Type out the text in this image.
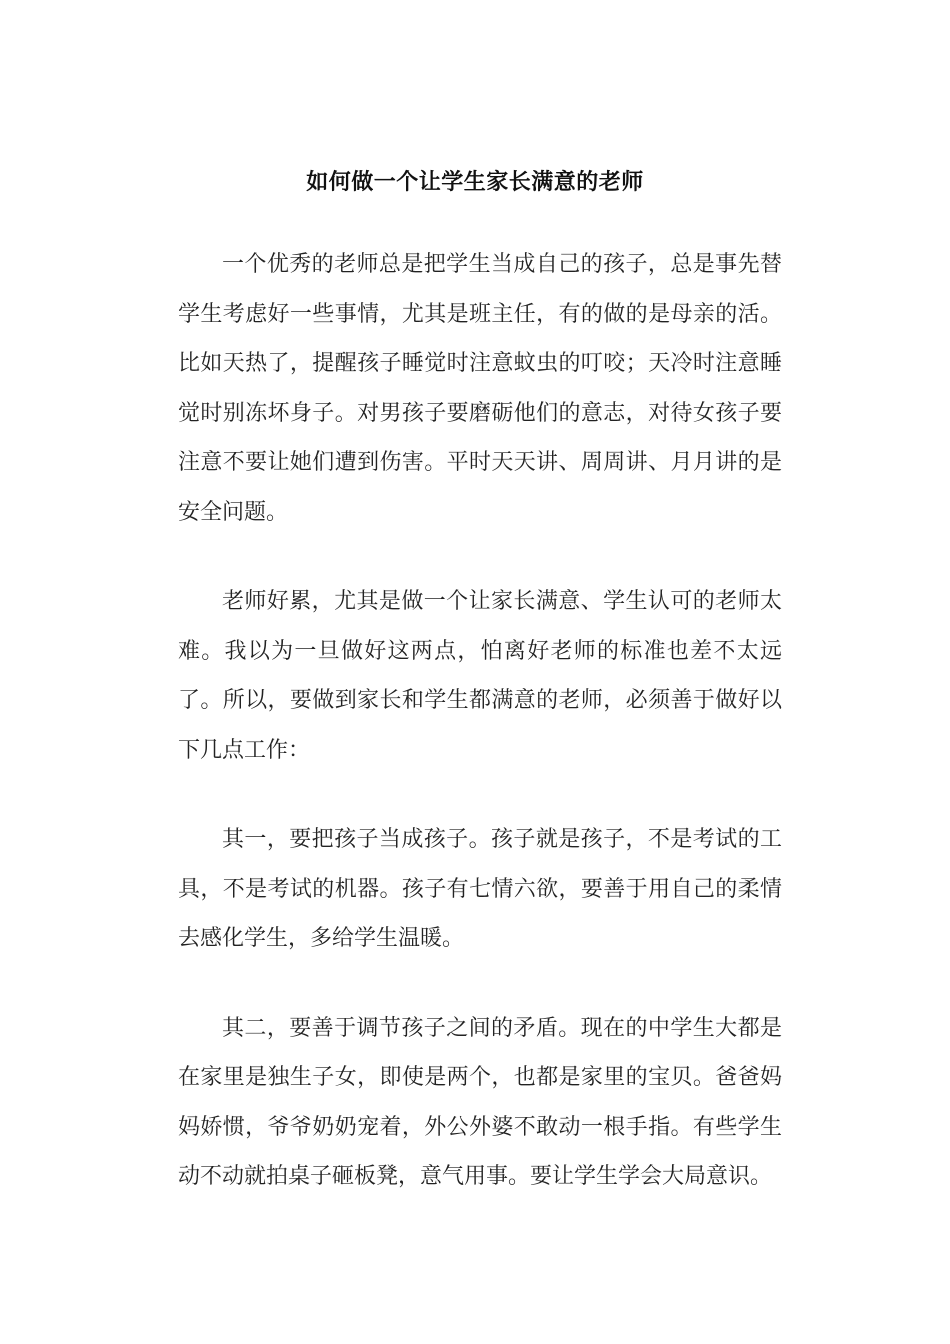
如何做一个让学生家长满意的老师

一个优秀的老师总是把学生当成自己的孩子，总是事先替学生考虑好一些事情，尤其是班主任，有的做的是母亲的活。比如天热了，提醒孩子睡觉时注意蚊虫的叮咬；天冷时注意睡觉时别冻坏身子。对男孩子要磨砺他们的意志，对待女孩子要注意不要让她们遭到伤害。平时天天讲、周周讲、月月讲的是安全问题。

老师好累，尤其是做一个让家长满意、学生认可的老师太难。我以为一旦做好这两点，怕离好老师的标准也差不太远了。所以，要做到家长和学生都满意的老师，必须善于做好以下几点工作：

其一，要把孩子当成孩子。孩子就是孩子，不是考试的工具，不是考试的机器。孩子有七情六欲，要善于用自己的柔情去感化学生，多给学生温暖。

其二，要善于调节孩子之间的矛盾。现在的中学生大都是在家里是独生子女，即使是两个，也都是家里的宝贝。爸爸妈妈娇惯，爷爷奶奶宠着，外公外婆不敢动一根手指。有些学生动不动就拍桌子砸板凳，意气用事。要让学生学会大局意识。
